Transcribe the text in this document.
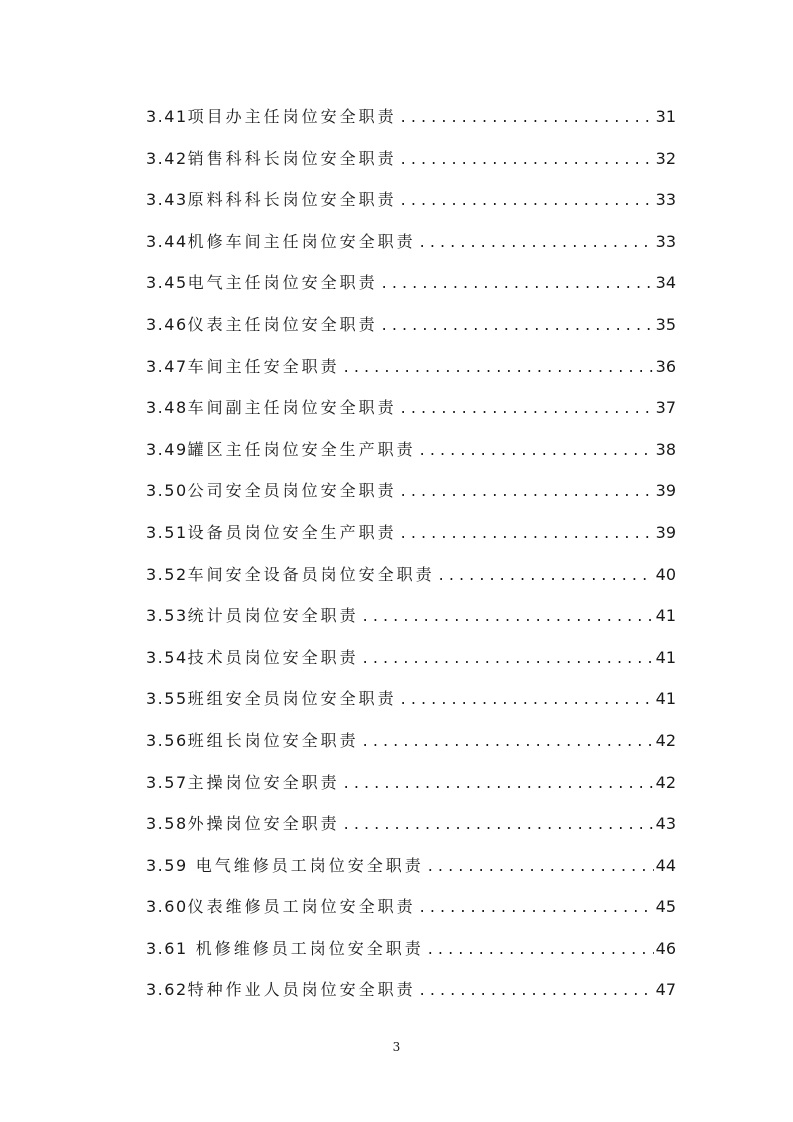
3.41 项目办主任岗位安全职责 . . .	31
3.42 销售科科长岗位安全职责 . . .	32
3.43 原料科科长岗位安全职责 . . .	33
3.44 机修车间主任岗位安全职责 . . .	33
3.45 电气主任岗位安全职责 . . .	34
3.46 仪表主任岗位安全职责 . . .	35
3.47 车间主任安全职责 . . .	36
3.48 车间副主任岗位安全职责 . . .	37
3.49 罐区主任岗位安全生产职责 . . .	38
3.50 公司安全员岗位安全职责 . . .	39
3.51 设备员岗位安全生产职责 . . .	39
3.52 车间安全设备员岗位安全职责 . . .	40
3.53 统计员岗位安全职责 . . .	41
3.54 技术员岗位安全职责 . . .	41
3.55 班组安全员岗位安全职责 . . .	41
3.56 班组长岗位安全职责 . . .	42
3.57 主操岗位安全职责 . . .	42
3.58 外操岗位安全职责 . . .	43
3.59 电气维修员工岗位安全职责 . . .	44
3.60 仪表维修员工岗位安全职责 . . .	45
3.61 机修维修员工岗位安全职责 . . .	46
3.62 特种作业人员岗位安全职责 . . .	47
3
